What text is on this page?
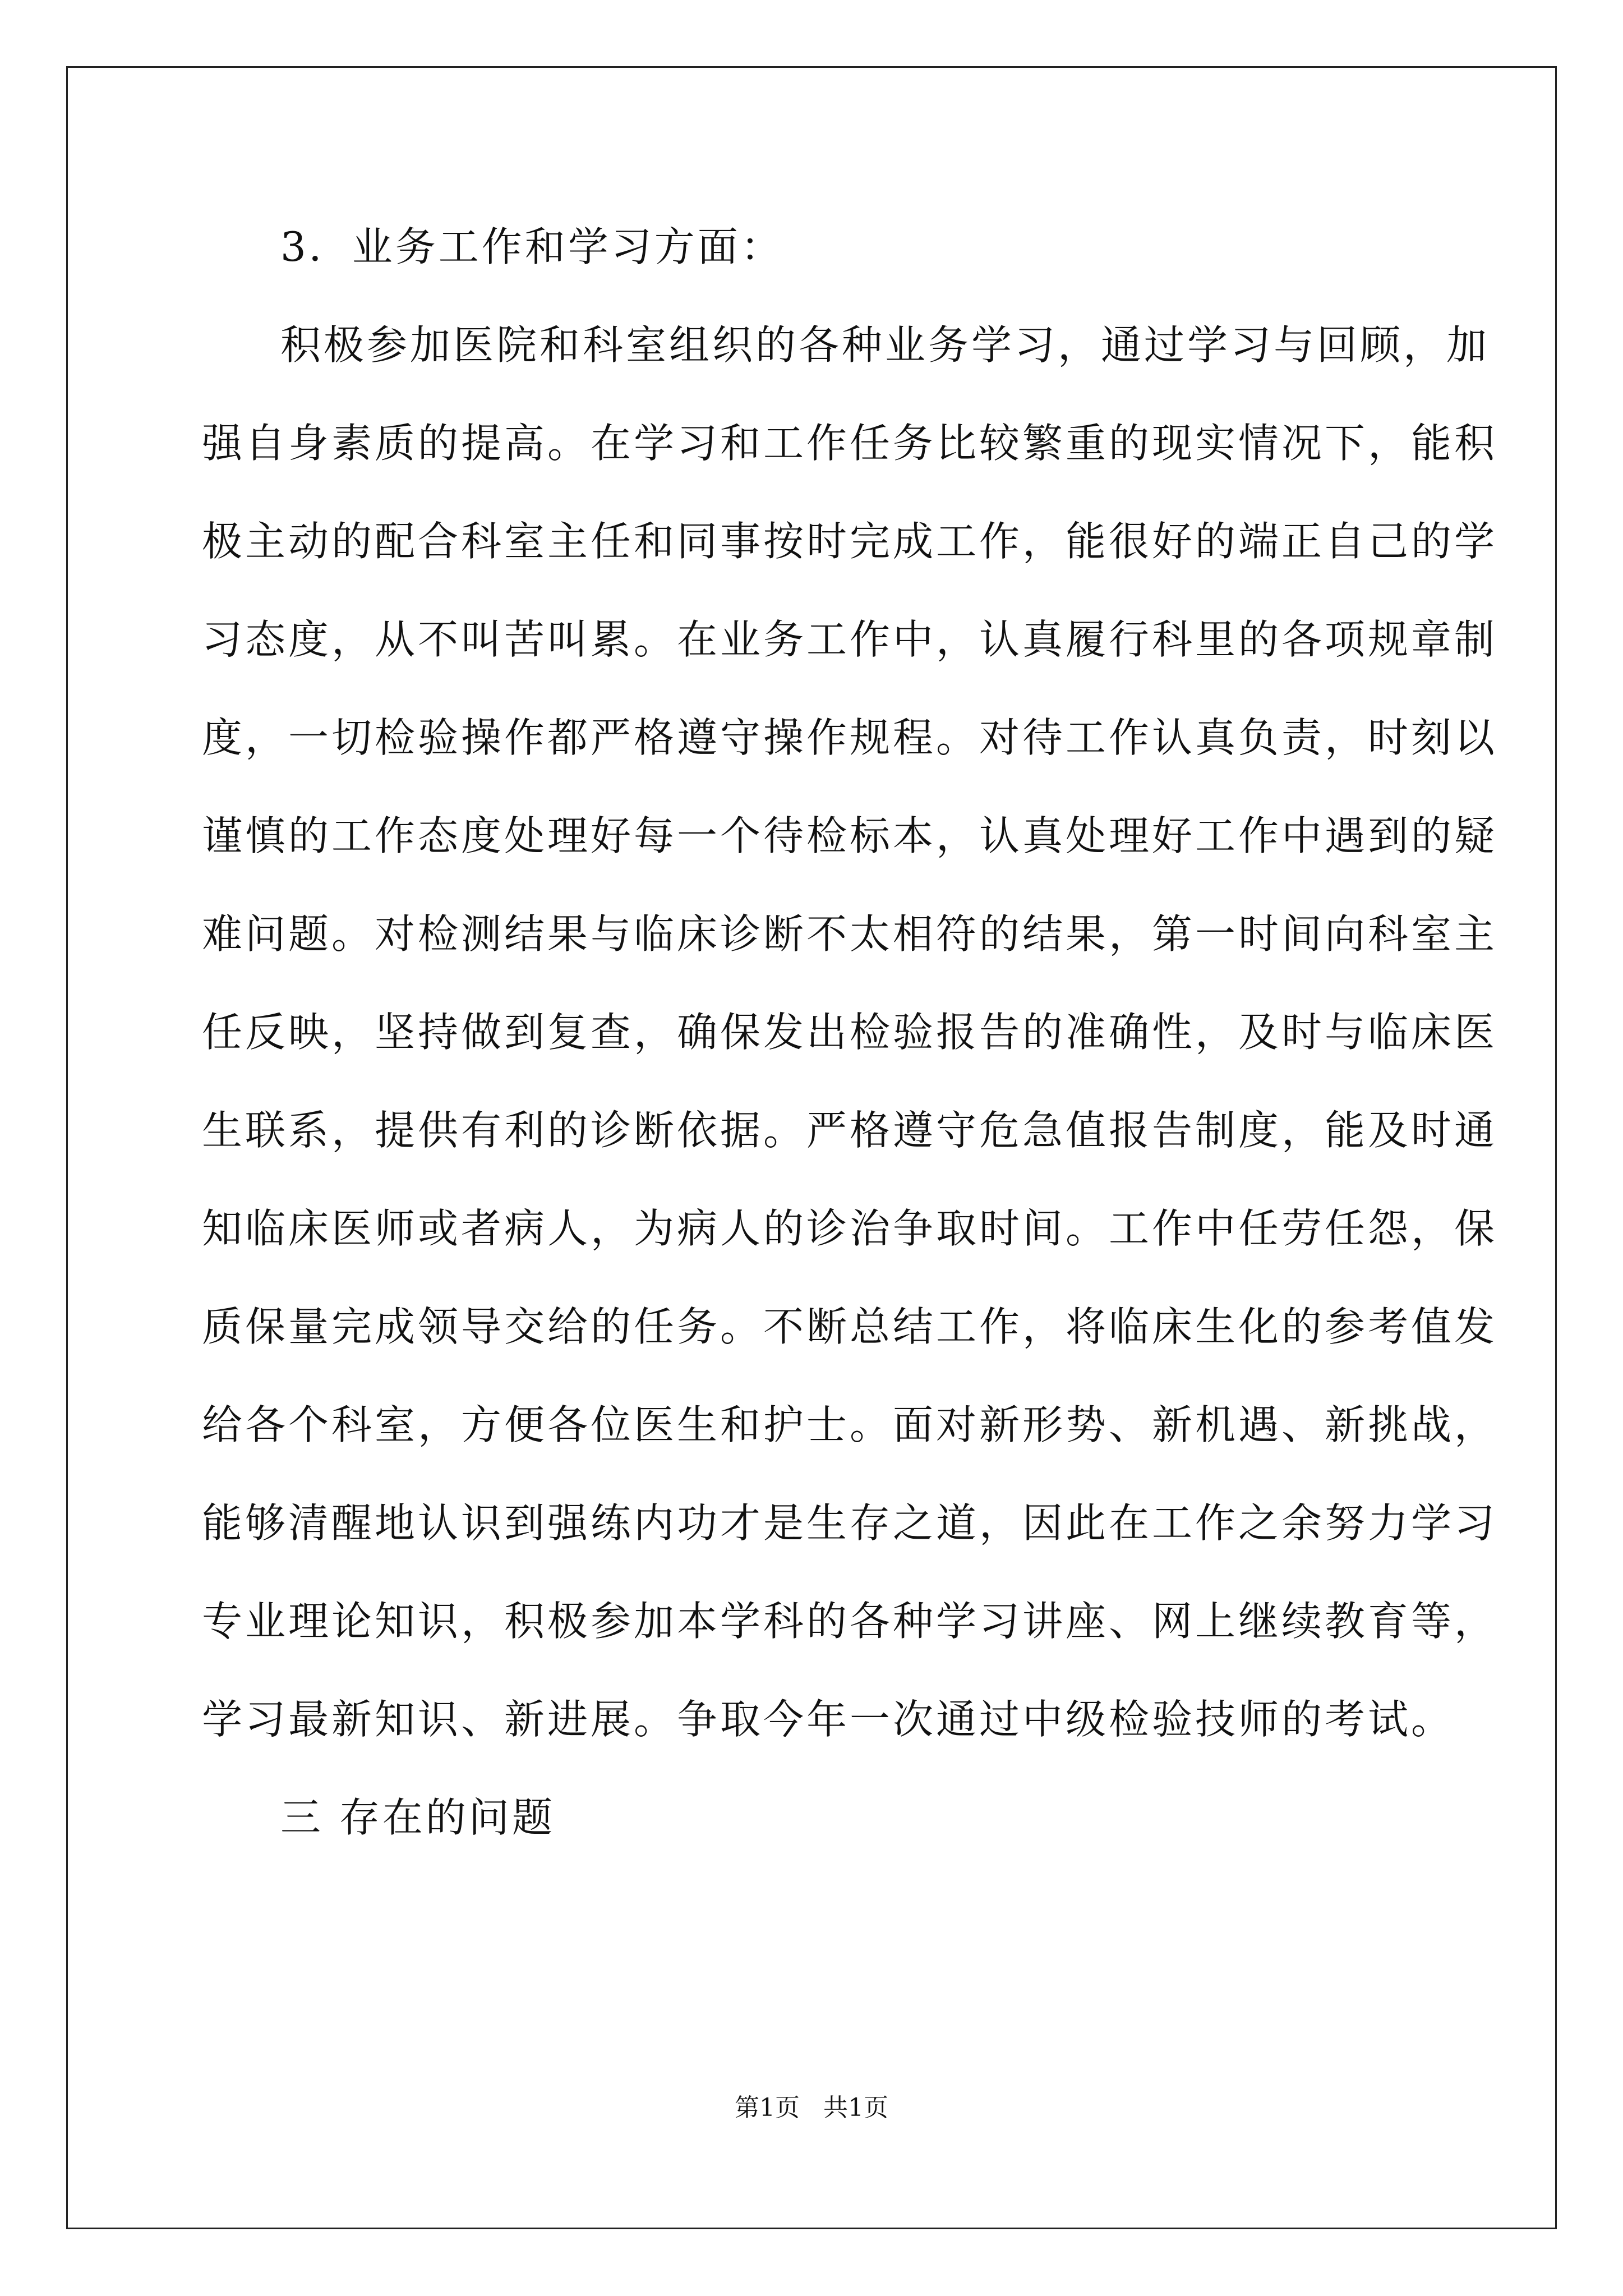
3．业务工作和学习方面：
积极参加医院和科室组织的各种业务学习，通过学习与回顾，加
强自身素质的提高。在学习和工作任务比较繁重的现实情况下，能积
极主动的配合科室主任和同事按时完成工作，能很好的端正自己的学
习态度，从不叫苦叫累。在业务工作中，认真履行科里的各项规章制
度，一切检验操作都严格遵守操作规程。对待工作认真负责，时刻以
谨慎的工作态度处理好每一个待检标本，认真处理好工作中遇到的疑
难问题。对检测结果与临床诊断不太相符的结果，第一时间向科室主
任反映，坚持做到复查，确保发出检验报告的准确性，及时与临床医
生联系，提供有利的诊断依据。严格遵守危急值报告制度，能及时通
知临床医师或者病人，为病人的诊治争取时间。工作中任劳任怨，保
质保量完成领导交给的任务。不断总结工作，将临床生化的参考值发
给各个科室，方便各位医生和护士。面对新形势、新机遇、新挑战，
能够清醒地认识到强练内功才是生存之道，因此在工作之余努力学习
专业理论知识，积极参加本学科的各种学习讲座、网上继续教育等，
学习最新知识、新进展。争取今年一次通过中级检验技师的考试。
三 存在的问题
第1页 共1页
